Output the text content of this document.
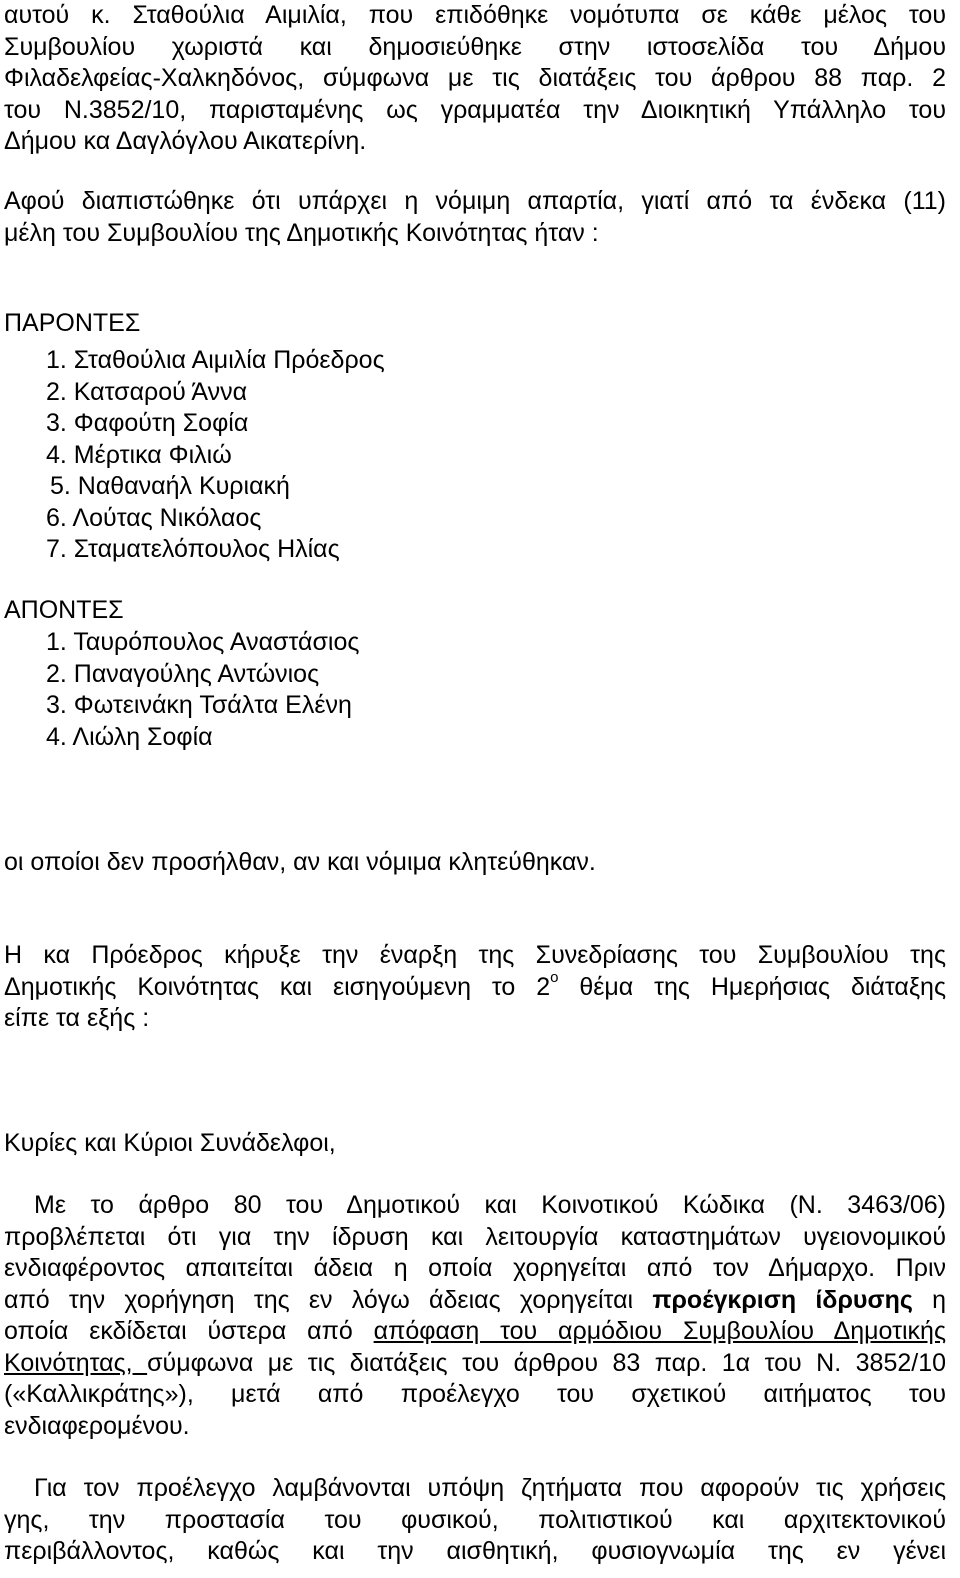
αυτού κ. Σταθούλια Αιμιλία, που επιδόθηκε νομότυπα σε κάθε μέλος του
Συμβουλίου χωριστά και δημοσιεύθηκε στην ιστοσελίδα του Δήμου
Φιλαδελφείας-Χαλκηδόνος, σύμφωνα με τις διατάξεις του άρθρου 88 παρ. 2
του Ν.3852/10, παρισταμένης ως γραμματέα την Διοικητική Υπάλληλο του
Δήμου κα Δαγλόγλου Αικατερίνη.
Αφού διαπιστώθηκε ότι υπάρχει η νόμιμη απαρτία, γιατί από τα ένδεκα (11)
μέλη του Συμβουλίου της Δημοτικής Κοινότητας ήταν :
ΠΑΡΟΝΤΕΣ
1. Σταθούλια Αιμιλία Πρόεδρος
2. Κατσαρού Άννα
3. Φαφούτη Σοφία
4. Μέρτικα Φιλιώ
5. Ναθαναήλ Κυριακή
6. Λούτας Νικόλαος
7. Σταματελόπουλος Ηλίας
ΑΠΟΝΤΕΣ
1. Ταυρόπουλος Αναστάσιος
2. Παναγούλης Αντώνιος
3. Φωτεινάκη Τσάλτα Ελένη
4. Λιώλη Σοφία
οι οποίοι δεν προσήλθαν, αν και νόμιμα κλητεύθηκαν.
Η κα Πρόεδρος κήρυξε την έναρξη της Συνεδρίασης του Συμβουλίου της
Δημοτικής Κοινότητας και εισηγούμενη το $2^o$ θέμα της Ημερήσιας διάταξης
είπε τα εξής :
Κυρίες και Κύριοι Συνάδελφοι,
Με το άρθρο 80 του Δημοτικού και Κοινοτικού Κώδικα (Ν. 3463/06)
προβλέπεται ότι για την ίδρυση και λειτουργία καταστημάτων υγειονομικού
ενδιαφέροντος απαιτείται άδεια η οποία χορηγείται από τον Δήμαρχο. Πριν
από την χορήγηση της εν λόγω άδειας χορηγείται προέγκριση ίδρυσης η
οποία εκδίδεται ύστερα από απόφαση του αρμόδιου Συμβουλίου Δημοτικής
Κοινότητας, σύμφωνα με τις διατάξεις του άρθρου 83 παρ. 1α του Ν. 3852/10
(«Καλλικράτης»), μετά από προέλεγχο του σχετικού αιτήματος του
ενδιαφερομένου.
Για τον προέλεγχο λαμβάνονται υπόψη ζητήματα που αφορούν τις χρήσεις
γης, την προστασία του φυσικού, πολιτιστικού και αρχιτεκτονικού
περιβάλλοντος, καθώς και την αισθητική, φυσιογνωμία της εν γένει
